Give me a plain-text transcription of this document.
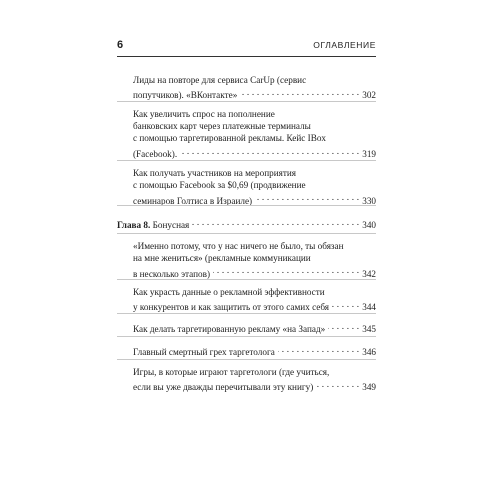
6	ОГЛАВЛЕНИЕ
Лиды на повторе для сервиса CarUp (сервис
попутчиков). «ВКонтакте» . . .	302
Как увеличить спрос на пополнение
банковских карт через платежные терминалы
с помощью таргетированной рекламы. Кейс IBox
(Facebook). . . .	319
Как получать участников на мероприятия
с помощью Facebook за $0,69 (продвижение
семинаров Голтиса в Израиле) . . .	330
Глава 8. Бонусная . . .	340
«Именно потому, что у нас ничего не было, ты обязан
на мне жениться» (рекламные коммуникации
в несколько этапов) . . .	342
Как украсть данные о рекламной эффективности
у конкурентов и как защитить от этого самих себя . . .	344
Как делать таргетированную рекламу «на Запад» . . .	345
Главный смертный грех таргетолога . . .	346
Игры, в которые играют таргетологи (где учиться,
если вы уже дважды перечитывали эту книгу) . . .	349
